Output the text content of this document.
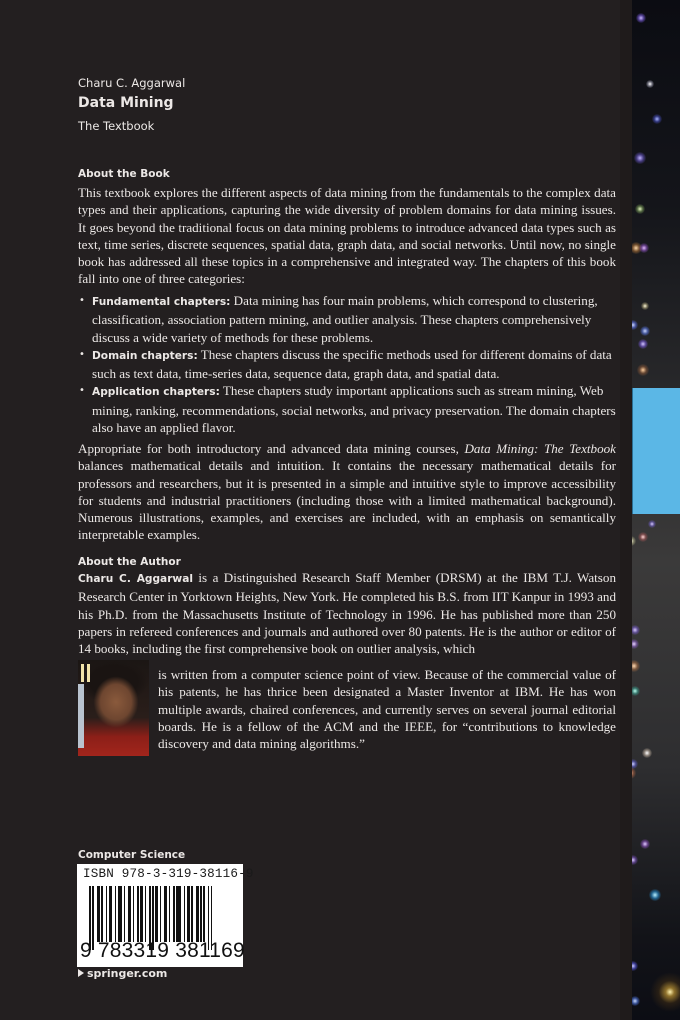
Charu C. Aggarwal
Data Mining
The Textbook
About the Book

This textbook explores the different aspects of data mining from the fundamentals to the complex data types and their applications, capturing the wide diversity of problem domains for data mining issues. It goes beyond the traditional focus on data mining problems to introduce advanced data types such as text, time series, discrete sequences, spatial data, graph data, and social networks. Until now, no single book has addressed all these topics in a comprehensive and integrated way. The chapters of this book fall into one of three categories:

• Fundamental chapters: Data mining has four main problems, which correspond to clustering, classification, association pattern mining, and outlier analysis. These chapters comprehensively discuss a wide variety of methods for these problems.
• Domain chapters: These chapters discuss the specific methods used for different domains of data such as text data, time-series data, sequence data, graph data, and spatial data.
• Application chapters: These chapters study important applications such as stream mining, Web mining, ranking, recommendations, social networks, and privacy preservation. The domain chapters also have an applied flavor.

Appropriate for both introductory and advanced data mining courses, Data Mining: The Textbook balances mathematical details and intuition. It contains the necessary mathematical details for professors and researchers, but it is presented in a simple and intuitive style to improve accessibility for students and industrial practitioners (including those with a limited mathematical background). Numerous illustrations, examples, and exercises are included, with an emphasis on semantically interpretable examples.

About the Author

Charu C. Aggarwal is a Distinguished Research Staff Member (DRSM) at the IBM T.J. Watson Research Center in Yorktown Heights, New York. He completed his B.S. from IIT Kanpur in 1993 and his Ph.D. from the Massachusetts Institute of Technology in 1996. He has published more than 250 papers in refereed conferences and journals and authored over 80 patents. He is the author or editor of 14 books, including the first comprehensive book on outlier analysis, which

is written from a computer science point of view. Because of the commercial value of his patents, he has thrice been designated a Master Inventor at IBM. He has won multiple awards, chaired conferences, and currently serves on several journal editorial boards. He is a fellow of the ACM and the IEEE, for “contributions to knowledge discovery and data mining algorithms.”
Computer Science
ISBN 978-3-319-38116-9
9 783319 381169
springer.com
